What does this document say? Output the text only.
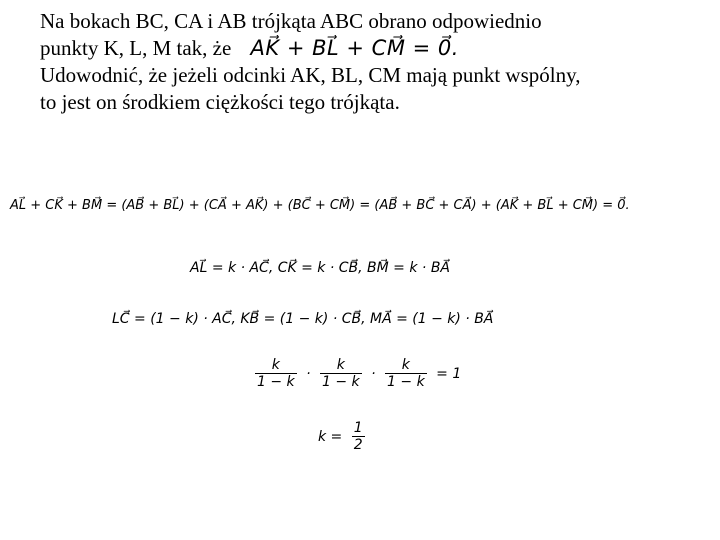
Na bokach BC, CA i AB trójkąta ABC obrano odpowiednio
punkty K, L, M tak, że AK⃗ + BL⃗ + CM⃗ = 0⃗.
Udowodnić, że jeżeli odcinki AK, BL, CM mają punkt wspólny,
to jest on środkiem ciężkości tego trójkąta.
AL⃗ + CK⃗ + BM⃗ = (AB⃗ + BL⃗) + (CA⃗ + AK⃗) + (BC⃗ + CM⃗) = (AB⃗ + BC⃗ + CA⃗) + (AK⃗ + BL⃗ + CM⃗) = 0⃗.
AL⃗ = k · AC⃗, CK⃗ = k · CB⃗, BM⃗ = k · BA⃗
LC⃗ = (1 − k) · AC⃗, KB⃗ = (1 − k) · CB⃗, MA⃗ = (1 − k) · BA⃗
$\frac{k}{1 - k} \cdot \frac{k}{1 - k} \cdot \frac{k}{1 - k} = 1$
$k = \frac{1}{2}$
